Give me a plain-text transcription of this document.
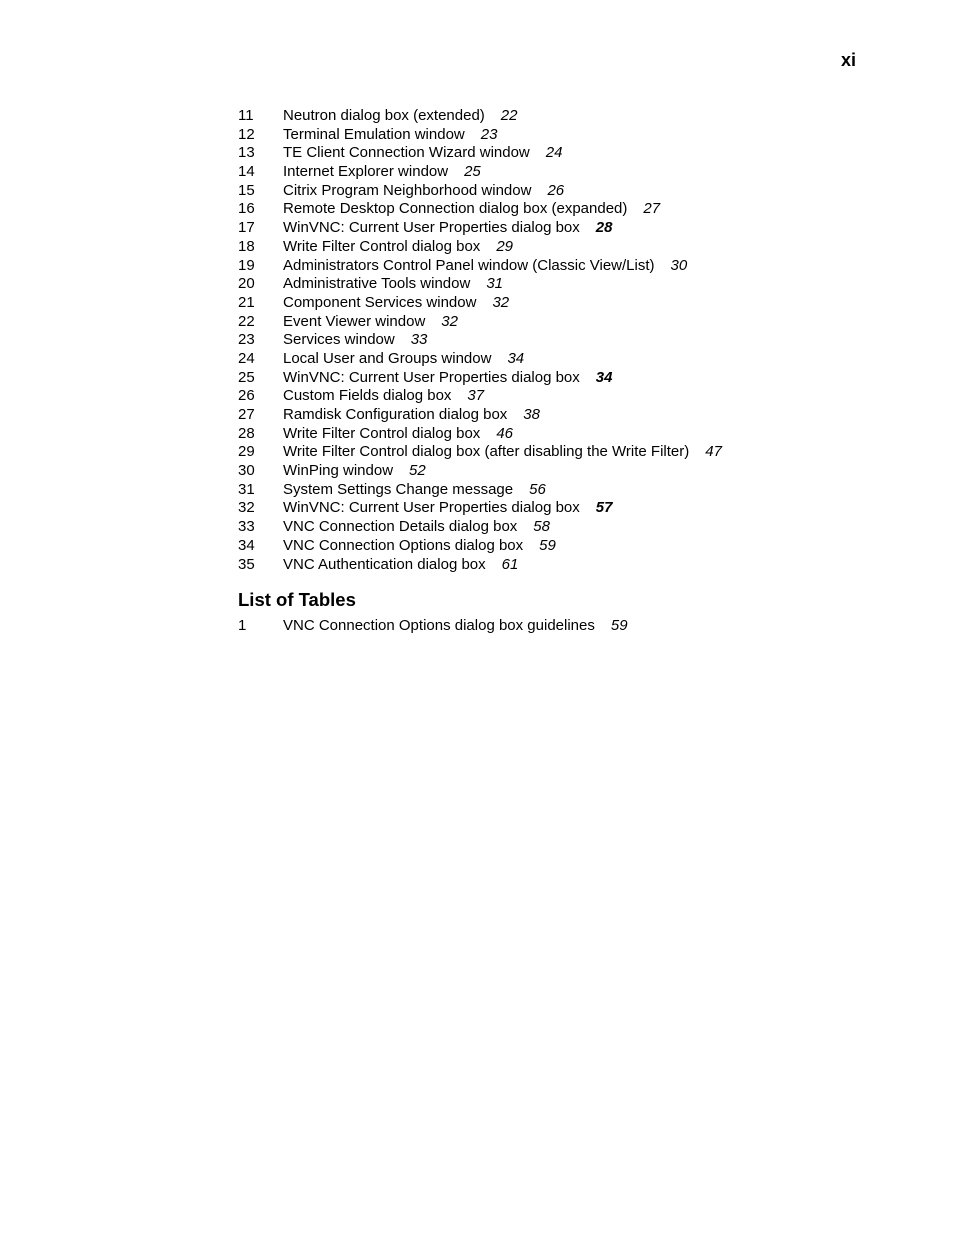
xi
11	Neutron dialog box (extended) 22
12	Terminal Emulation window 23
13	TE Client Connection Wizard window 24
14	Internet Explorer window 25
15	Citrix Program Neighborhood window 26
16	Remote Desktop Connection dialog box (expanded) 27
17	WinVNC: Current User Properties dialog box 28
18	Write Filter Control dialog box 29
19	Administrators Control Panel window (Classic View/List) 30
20	Administrative Tools window 31
21	Component Services window 32
22	Event Viewer window 32
23	Services window 33
24	Local User and Groups window 34
25	WinVNC: Current User Properties dialog box 34
26	Custom Fields dialog box 37
27	Ramdisk Configuration dialog box 38
28	Write Filter Control dialog box 46
29	Write Filter Control dialog box (after disabling the Write Filter) 47
30	WinPing window 52
31	System Settings Change message 56
32	WinVNC: Current User Properties dialog box 57
33	VNC Connection Details dialog box 58
34	VNC Connection Options dialog box 59
35	VNC Authentication dialog box 61
List of Tables
1	VNC Connection Options dialog box guidelines 59
